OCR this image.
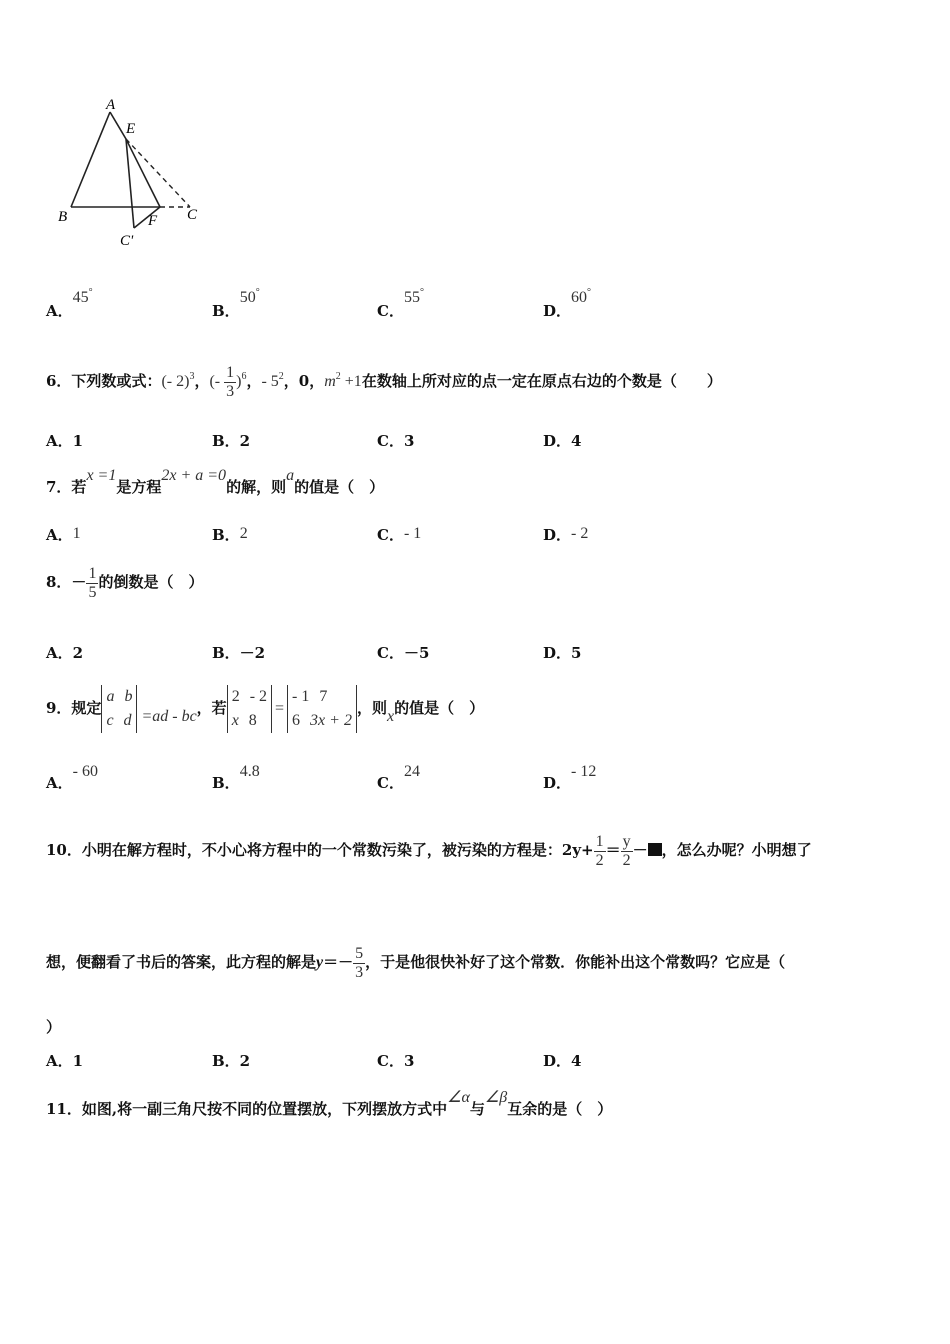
A
E
B	C
C'
F
A．45°
B．50°
C．55°
D．60°
6．下列数或式：(- 2)$^3$，(- $\frac{1}{3} )^6$，- $5^2$，0，$m^2 +1$在数轴上所对应的点一定在原点右边的个数是（　　）
A．1	B．2	C．3	D．4
7．若x =1是方程2x + a =0的解，则a的值是（　）
A．1	B．2	C．- 1	D．- 2
8．－ $\frac{1}{5}$ 的倒数是（　）
A．2	B．－2	C．－5	D．5
9．规定
a b
c d =ad - bc，若
2 - 2
x 8
=
- 1 7
6 3x + 2
，则x的值是（　）
A．- 60
B．4.8
C．24
D．- 12
10．小明在解方程时，不小心将方程中的一个常数污染了，被污染的方程是：$2y+ \frac{1}{2} = \frac{y}{2}$ － ，怎么办呢？小明想了
想，便翻看了书后的答案，此方程的解是$y=- \frac{5}{3}$ ，于是他很快补好了这个常数．你能补出这个常数吗？它应是（
）
A．1	B．2	C．3	D．4
11．如图,将一副三角尺按不同的位置摆放，下列摆放方式中∠α与∠β互余的是（　）
